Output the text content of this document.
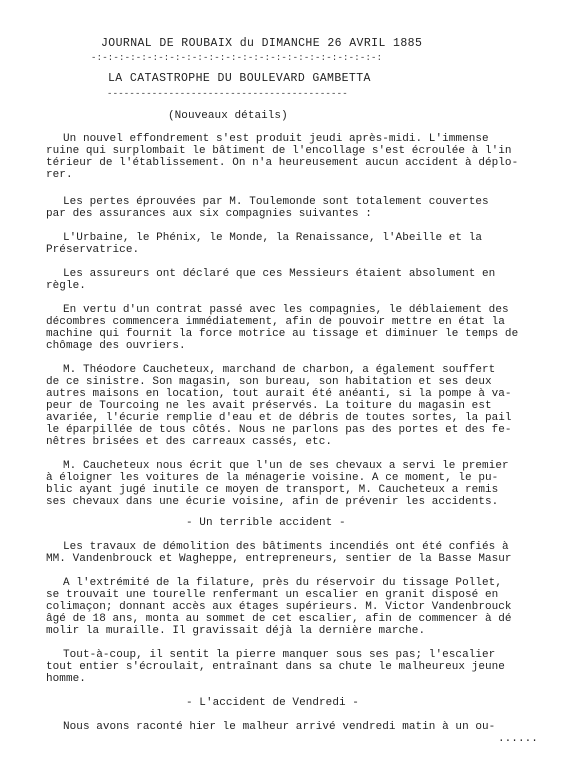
JOURNAL DE ROUBAIX du DIMANCHE 26 AVRIL 1885
-:-:-:-:-:-:-:-:-:-:-:-:-:-:-:-:-:-:-:-:-:-:-:-:-:-:
LA CATASTROPHE DU BOULEVARD GAMBETTA
-------------------------------------------
(Nouveaux détails)
Un nouvel effondrement s'est produit jeudi après-midi. L'immense
ruine qui surplombait le bâtiment de l'encollage s'est écroulée à l'in
térieur de l'établissement. On n'a heureusement aucun accident à déplo-
rer.
Les pertes éprouvées par M. Toulemonde sont totalement couvertes
par des assurances aux six compagnies suivantes :
L'Urbaine, le Phénix, le Monde, la Renaissance, l'Abeille et la
Préservatrice.
Les assureurs ont déclaré que ces Messieurs étaient absolument en
règle.
En vertu d'un contrat passé avec les compagnies, le déblaiement des
décombres commencera immédiatement, afin de pouvoir mettre en état la
machine qui fournit la force motrice au tissage et diminuer le temps de
chômage des ouvriers.
M. Théodore Caucheteux, marchand de charbon, a également souffert
de ce sinistre. Son magasin, son bureau, son habitation et ses deux
autres maisons en location, tout aurait été anéanti, si la pompe à va-
peur de Tourcoing ne les avait préservés. La toiture du magasin est
avariée, l'écurie remplie d'eau et de débris de toutes sortes, la pail
le éparpillée de tous côtés. Nous ne parlons pas des portes et des fe-
nêtres brisées et des carreaux cassés, etc.
M. Caucheteux nous écrit que l'un de ses chevaux a servi le premier
à éloigner les voitures de la ménagerie voisine. A ce moment, le pu-
blic ayant jugé inutile ce moyen de transport, M. Caucheteux a remis
ses chevaux dans une écurie voisine, afin de prévenir les accidents.
- Un terrible accident -
Les travaux de démolition des bâtiments incendiés ont été confiés à
MM. Vandenbrouck et Wagheppe, entrepreneurs, sentier de la Basse Masur
A l'extrémité de la filature, près du réservoir du tissage Pollet,
se trouvait une tourelle renfermant un escalier en granit disposé en
colimaçon; donnant accès aux étages supérieurs. M. Victor Vandenbrouck
âgé de 18 ans, monta au sommet de cet escalier, afin de commencer à dé
molir la muraille. Il gravissait déjà la dernière marche.
Tout-à-coup, il sentit la pierre manquer sous ses pas; l'escalier
tout entier s'écroulait, entraînant dans sa chute le malheureux jeune
homme.
- L'accident de Vendredi -
Nous avons raconté hier le malheur arrivé vendredi matin à un ou-
......
